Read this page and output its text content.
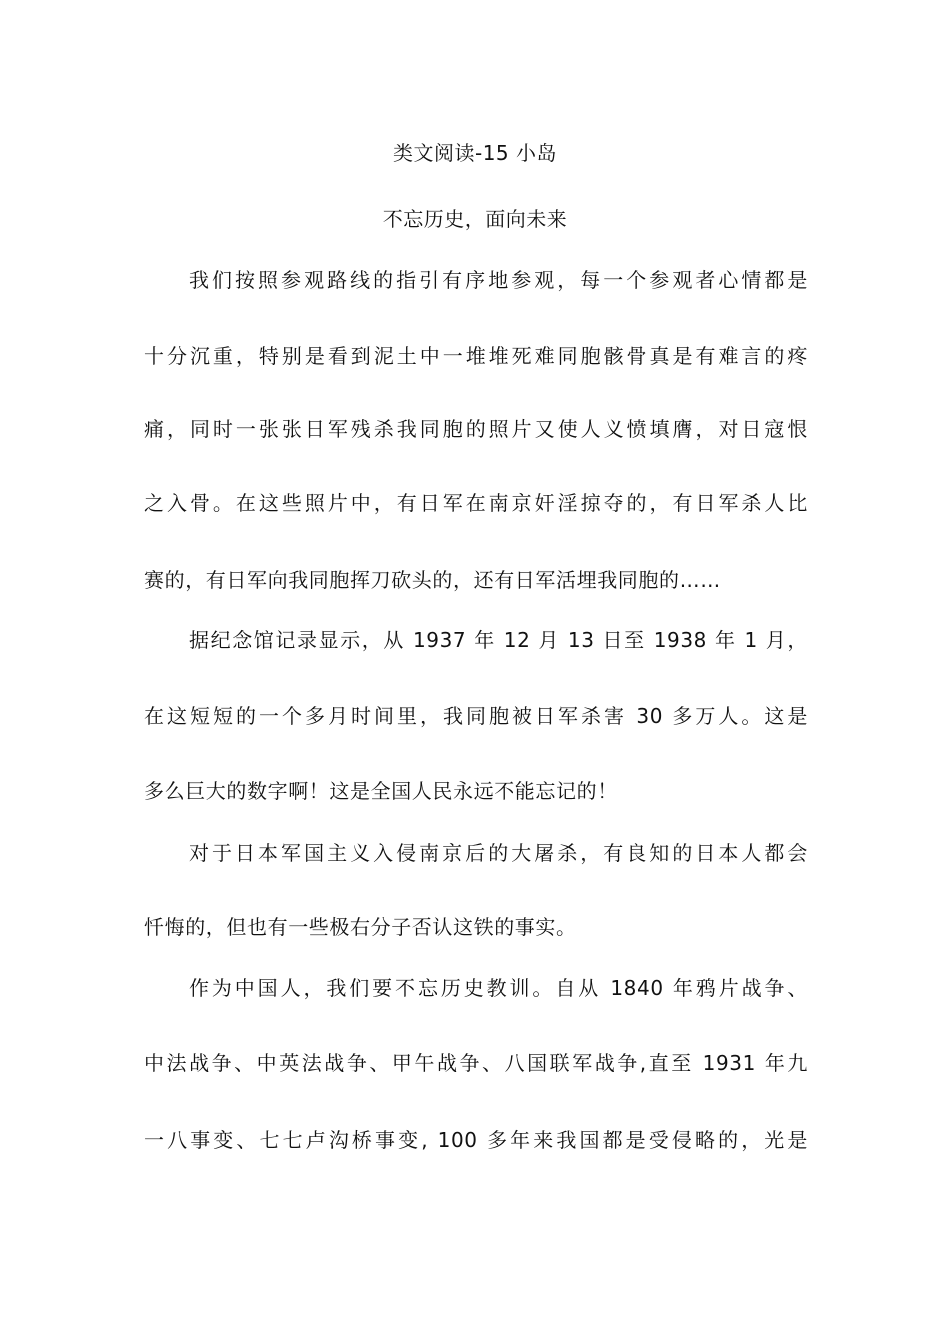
类文阅读-15 小岛
不忘历史，面向未来
我们按照参观路线的指引有序地参观，每一个参观者心情都是
十分沉重，特别是看到泥土中一堆堆死难同胞骸骨真是有难言的疼
痛，同时一张张日军残杀我同胞的照片又使人义愤填膺，对日寇恨
之入骨。在这些照片中，有日军在南京奸淫掠夺的，有日军杀人比
赛的，有日军向我同胞挥刀砍头的，还有日军活埋我同胞的……
据纪念馆记录显示，从 1937 年 12 月 13 日至 1938 年 1 月，
在这短短的一个多月时间里，我同胞被日军杀害 30 多万人。这是
多么巨大的数字啊！这是全国人民永远不能忘记的！
对于日本军国主义入侵南京后的大屠杀，有良知的日本人都会
忏悔的，但也有一些极右分子否认这铁的事实。
作为中国人，我们要不忘历史教训。自从 1840 年鸦片战争、
中法战争、中英法战争、甲午战争、八国联军战争,直至 1931 年九
一八事变、七七卢沟桥事变, 100 多年来我国都是受侵略的，光是
